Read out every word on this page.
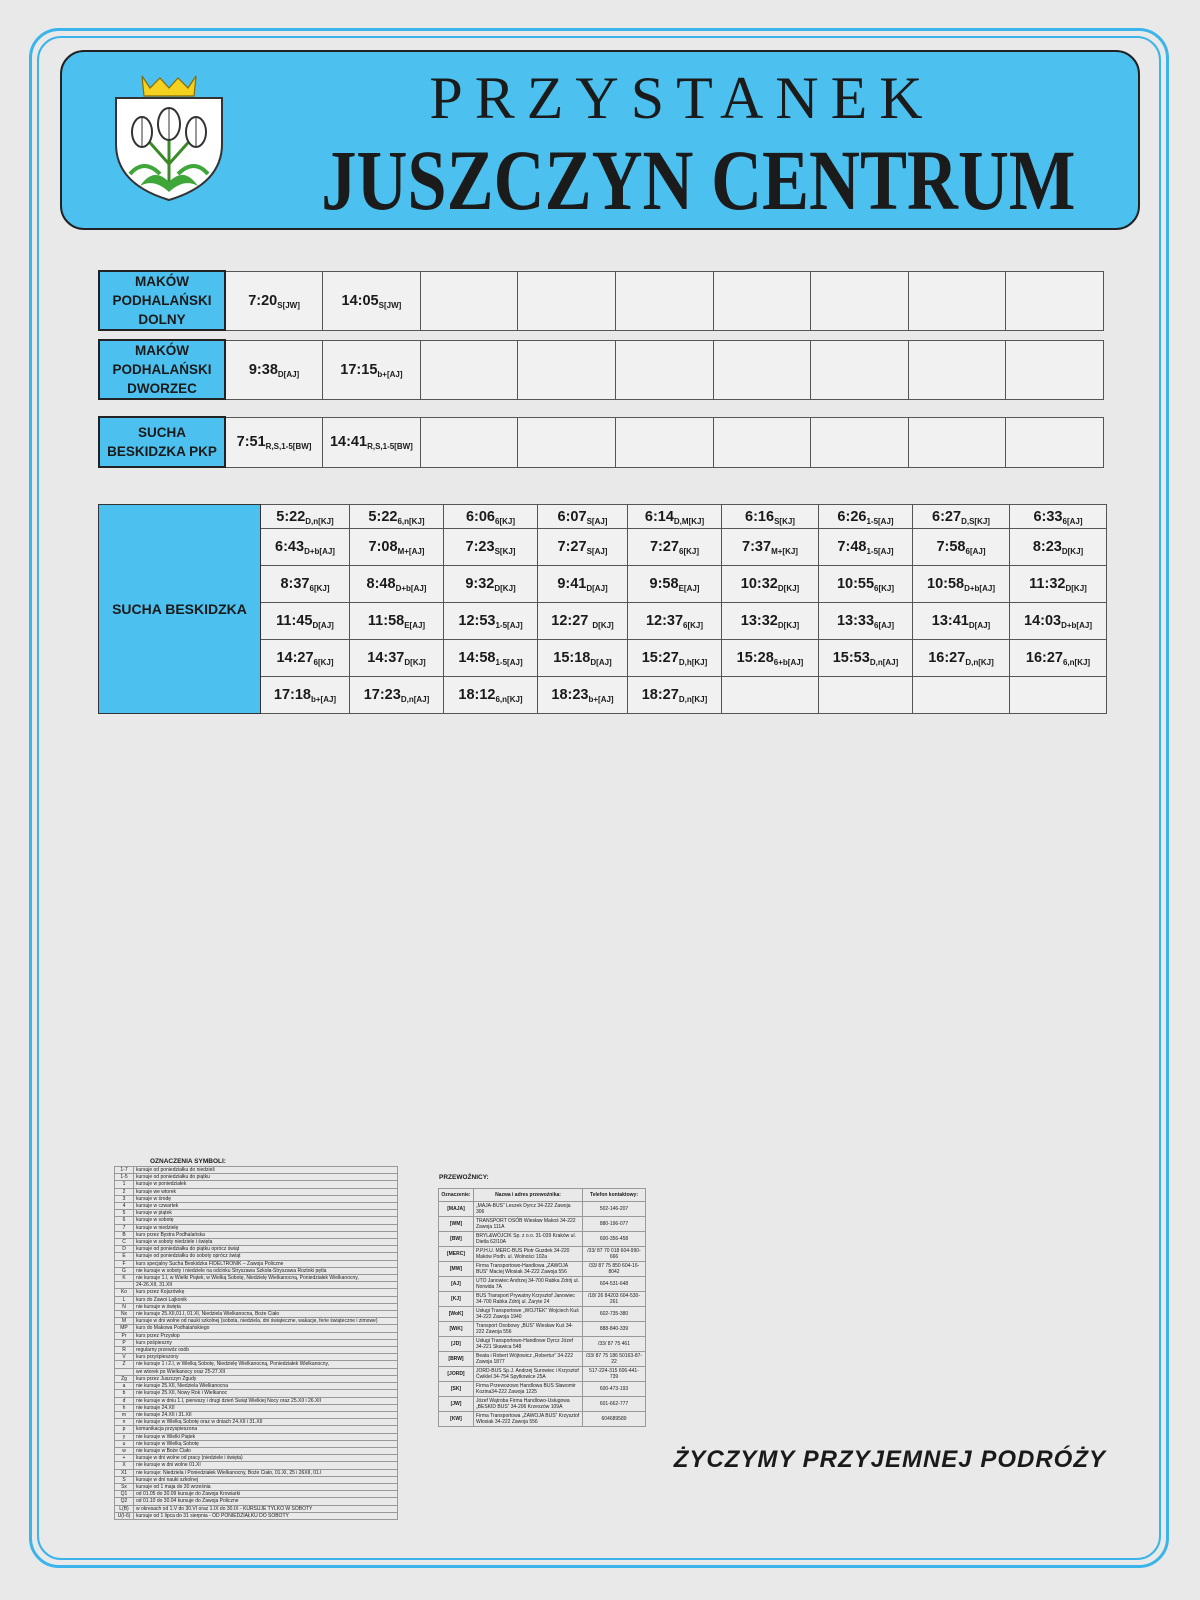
PRZYSTANEK
JUSZCZYN CENTRUM
MAKÓW
PODHALAŃSKI
DOLNY
	$7:20_{S[JW]}$	$14:05_{S[JW]}$							
MAKÓW
PODHALAŃSKI
DWORZEC
	$9:38_{D[AJ]}$	$17:15_{b+[AJ]}$							
SUCHA
BESKIDZKA PKP
	$7:51_{R,S,1-5[BW]}$	$14:41_{R,S,1-5[BW]}$							
SUCHA BESKIDZKA	$5:22_{D,n[KJ]}$	$5:22_{6,n[KJ]}$	$6:06_{6[KJ]}$	$6:07_{S[AJ]}$	$6:14_{D,M[KJ]}$	$6:16_{S[KJ]}$	$6:26_{1-5[AJ]}$	$6:27_{D,S[KJ]}$	$6:33_{6[AJ]}$
	$6:43_{D+b[AJ]}$	$7:08_{M+[AJ]}$	$7:23_{S[KJ]}$	$7:27_{S[AJ]}$	$7:27_{6[KJ]}$	$7:37_{M+[KJ]}$	$7:48_{1-5[AJ]}$	$7:58_{6[AJ]}$	$8:23_{D[KJ]}$
	$8:37_{6[KJ]}$	$8:48_{D+b[AJ]}$	$9:32_{D[KJ]}$	$9:41_{D[AJ]}$	$9:58_{E[AJ]}$	$10:32_{D[KJ]}$	$10:55_{6[KJ]}$	$10:58_{D+b[AJ]}$	$11:32_{D[KJ]}$
	$11:45_{D[AJ]}$	$11:58_{E[AJ]}$	$12:53_{1-5[AJ]}$	12:27 $_{D[KJ]}$	$12:37_{6[KJ]}$	$13:32_{D[KJ]}$	$13:33_{6[AJ]}$	$13:41_{D[AJ]}$	$14:03_{D+b[AJ]}$
	$14:27_{6[KJ]}$	$14:37_{D[KJ]}$	$14:58_{1-5[AJ]}$	$15:18_{D[AJ]}$	$15:27_{D,h[KJ]}$	$15:28_{6+b[AJ]}$	$15:53_{D,n[AJ]}$	$16:27_{D,n[KJ]}$	$16:27_{6,n[KJ]}$
	$17:18_{b+[AJ]}$	$17:23_{D,n[AJ]}$	$18:12_{6,n[KJ]}$	$18:23_{b+[AJ]}$	$18:27_{D,n[KJ]}$				
OZNACZENIA SYMBOLI:
1-7	kursuje od poniedziałku do niedzieli
1-5	kursuje od poniedziałku do piątku
1	kursuje w poniedziałek
2	kursuje we wtorek
3	kursuje w środę
4	kursuje w czwartek
5	kursuje w piątek
6	kursuje w sobotę
7	kursuje w niedzielę
B	kurs przez Bystra Podhalańska
C	kursuje w soboty niedziele i święta
D	kursuje od poniedziałku do piątku oprócz świąt
E	kursuje od poniedziałku do soboty oprócz świąt
F	kurs specjalny Sucha Beskidzka FIDELTRONIK – Zawoja Policzne
G	nie kursuje w soboty i niedziele na odcinku Stryszawa Szkoła-Stryszawa Roztoki pętla
K	nie kursuje 1.I, w Wielki Piątek, w Wielką Sobotę, Niedzielę Wielkanocną, Poniedziałek Wielkanocny,
	24-26.XII, 31.XII
Ko	kurs przez Kojszówkę
L	kurs do Zawoi Lajkonik
N	nie kursuje w święta
Nx	nie kursuje 25.XII,01.I, 01.XI, Niedziela Wielkanocna, Boże Ciało
M	kursuje w dni wolne od nauki szkolnej (sobota, niedziela, dni świąteczne, wakacje, ferie świąteczne i zimowe)
MP	kurs do Makowa Podhalańskiego
Pr	kurs przez Przysłop
P	kurs pośpieszny
R	regularny przewóz osób
V	kurs przyśpieszony
Z	nie kursuje 1 i 2.I, w Wielką Sobotę, Niedzielę Wielkanocną, Poniedziałek Wielkanocny,
	we wtorek po Wielkanocy oraz 25-27.XII
Zg	kurs przez Juszczyn Zgudy
a	nie kursuje 25.XII, Niedziela Wielkanocna
b	nie kursuje 25.XII, Nowy Rok i Wielkanoc
d	nie kursuje w dniu 1.I, pierwszy i drugi dzień Świąt Wielkiej Nocy oraz 25.XII i 26.XII
h	nie kursuje 24.XII
m	nie kursuje 24.XII i 31.XII
n	nie kursuje w Wielką Sobotę oraz w dniach 24.XII i 31.XII
p	komunikacja przyspieszona
y	nie kursuje w Wielki Piątek
u	nie kursuje w Wielką Sobotę
w	nie kursuje w Boże Ciało
+	kursuje w dni wolne od pracy (niedziele i święta)
X	nie kursuje w dni wolne 01.XI
X1	nie kursuje: Niedziela i Poniedziałek Wielkanocny, Boże Ciało, 01.XI, 25 i 26XII, 01.I
S	kursuje w dni nauki szkolnej
Sx	kursuje od 1 maja do 30 września
Q1	od 01.05 do 30.09 kursuje do Zawoja Krowiarki
Q2	od 01.10 do 30.04 kursuje do Zawoja Policzne
L(B)	w okresach od 1.V do 30.VI oraz 1.IX do 30.IX - KURSUJE TYLKO W SOBOTY
U(I-6)	kursuje od 1 lipca do 31 sierpnia - OD PONIEDZIAŁKU DO SOBOTY
PRZEWOŹNICY:
Oznaczenie:	Nazwa i adres przewoźnika:	Telefon kontaktowy:
[MAJA]	„MAJA-BUS” Leszek Dyrcz 34-222 Zawoja 306	502-146-207
[WM]	TRANSPORT OSÓB Wiesław Makoś 34-222 Zawoja 111A	880-196-077
[BW]	BRYL&WÓJCIK Sp. z o.o. 31-039 Kraków ul. Dietla 62/10A	600-356-458
[MERC]	P.P.H.U. MERC-BUS Piotr Guzdek 34-220 Maków Podh. ul. Wolności 102a	/33/ 87 70 018 604-990-666
[MW]	Firma Transportowo-Handlowa „ZAWOJA BUS” Maciej Włosiak 34-222 Zawoja 556	/33/ 87 75 850 604-16-8042
[AJ]	UTO Janowiec Andrzej 34-700 Rabka Zdrój ul. Norwida 7A	604-531-648
[KJ]	BUS Transport Prywatny Krzysztof Janowiec 34-700 Rabka Zdrój ul. Zaryte 24	/18/ 26 84203 604-530-261
[WoK]	Usługi Transportowe „WOJTEK” Wojciech Kuś 34-222 Zawoja 1940	602-735-380
[WiK]	Transport Osobowy „BUS” Wiesław Kuś 34-222 Zawoja 556	888-840-339
[JD]	Usługi Transportowo-Handlowe Dyrcz Józef 34-221 Skawica 548	/33/ 87 75 461
[BRW]	Beata i Robert Wójtowicz „Robertur” 34-222 Zawoja 1877	/33/ 87 75 186 50163-87-22
[JORD]	JORD-BUS Sp.J. Andrzej Surowiec i Krzysztof Ćwiklel 34-754 Spytkowice 25A	517-224-315 606-441-739
[SK]	Firma Przewozowo Handlowa BUS Sławomir Kozina34-222 Zawoja 1225	600-473-193
[JW]	Józef Wątroba Firma Handlowo-Usługowa „BESKID BUS” 34-206 Krzeszów 109A	601-662-777
[KW]	Firma Transportowa „ZAWOJA BUS” Krzysztof Włosiak 34-222 Zawoja 556	604689589
ŻYCZYMY PRZYJEMNEJ PODRÓŻY
